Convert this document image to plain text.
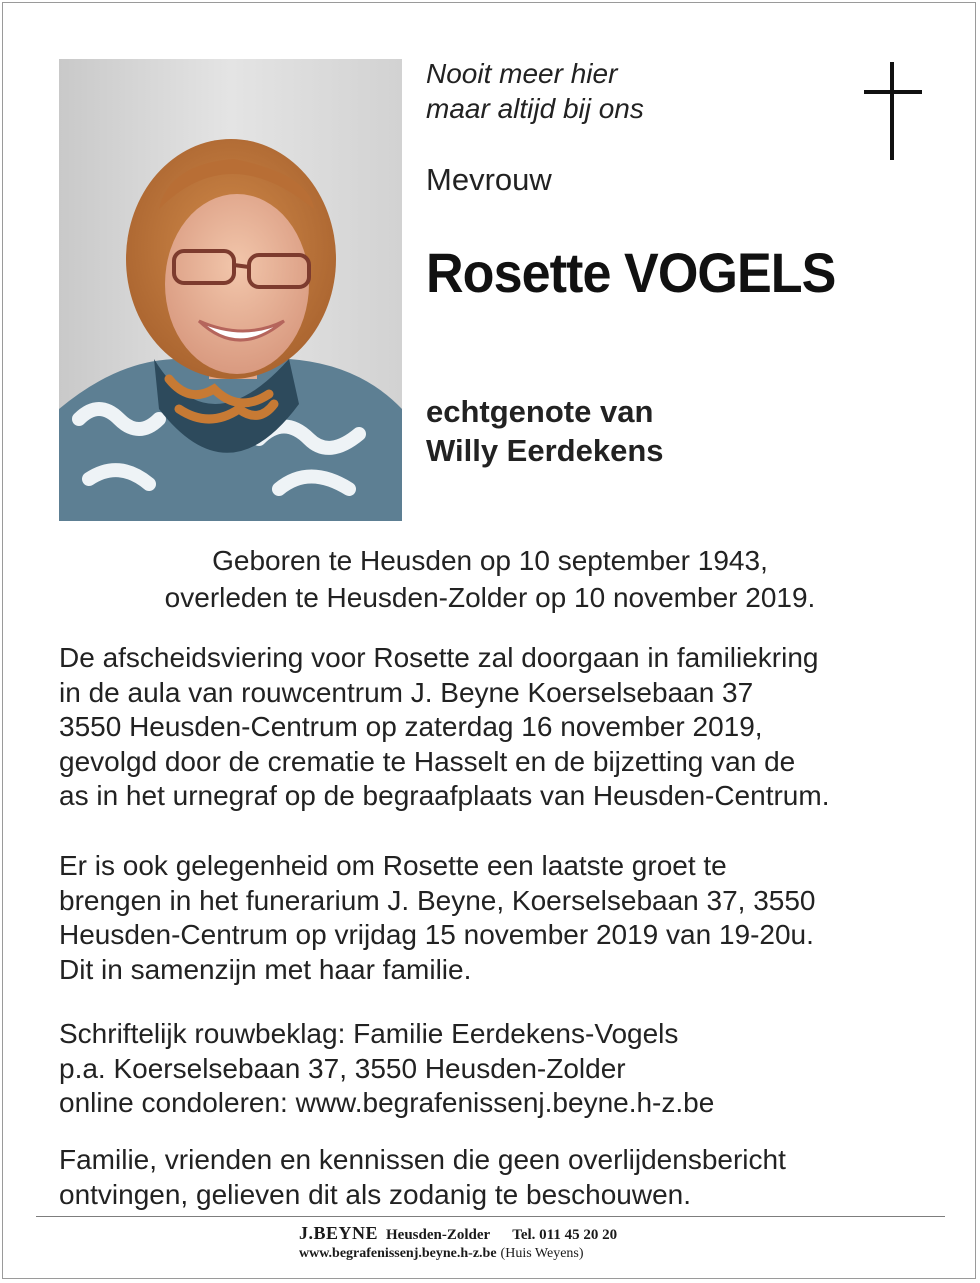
Nooit meer hier
maar altijd bij ons
Mevrouw
Rosette VOGELS
echtgenote van
Willy Eerdekens
Geboren te Heusden op 10 september 1943,
overleden te Heusden-Zolder op 10 november 2019.

De afscheidsviering voor Rosette zal doorgaan in familiekring
in de aula van rouwcentrum J. Beyne Koerselsebaan 37
3550 Heusden-Centrum op zaterdag 16 november 2019,
gevolgd door de crematie te Hasselt en de bijzetting van de
as in het urnegraf op de begraafplaats van Heusden-Centrum.

Er is ook gelegenheid om Rosette een laatste groet te
brengen in het funerarium J. Beyne, Koerselsebaan 37, 3550
Heusden-Centrum op vrijdag 15 november 2019 van 19-20u.
Dit in samenzijn met haar familie.

Schriftelijk rouwbeklag: Familie Eerdekens-Vogels
p.a. Koerselsebaan 37, 3550 Heusden-Zolder
online condoleren: www.begrafenissenj.beyne.h-z.be

Familie, vrienden en kennissen die geen overlijdensbericht
ontvingen, gelieven dit als zodanig te beschouwen.

J.BEYNE Heusden-Zolder Tel. 011 45 20 20
www.begrafenissenj.beyne.h-z.be (Huis Weyens)
